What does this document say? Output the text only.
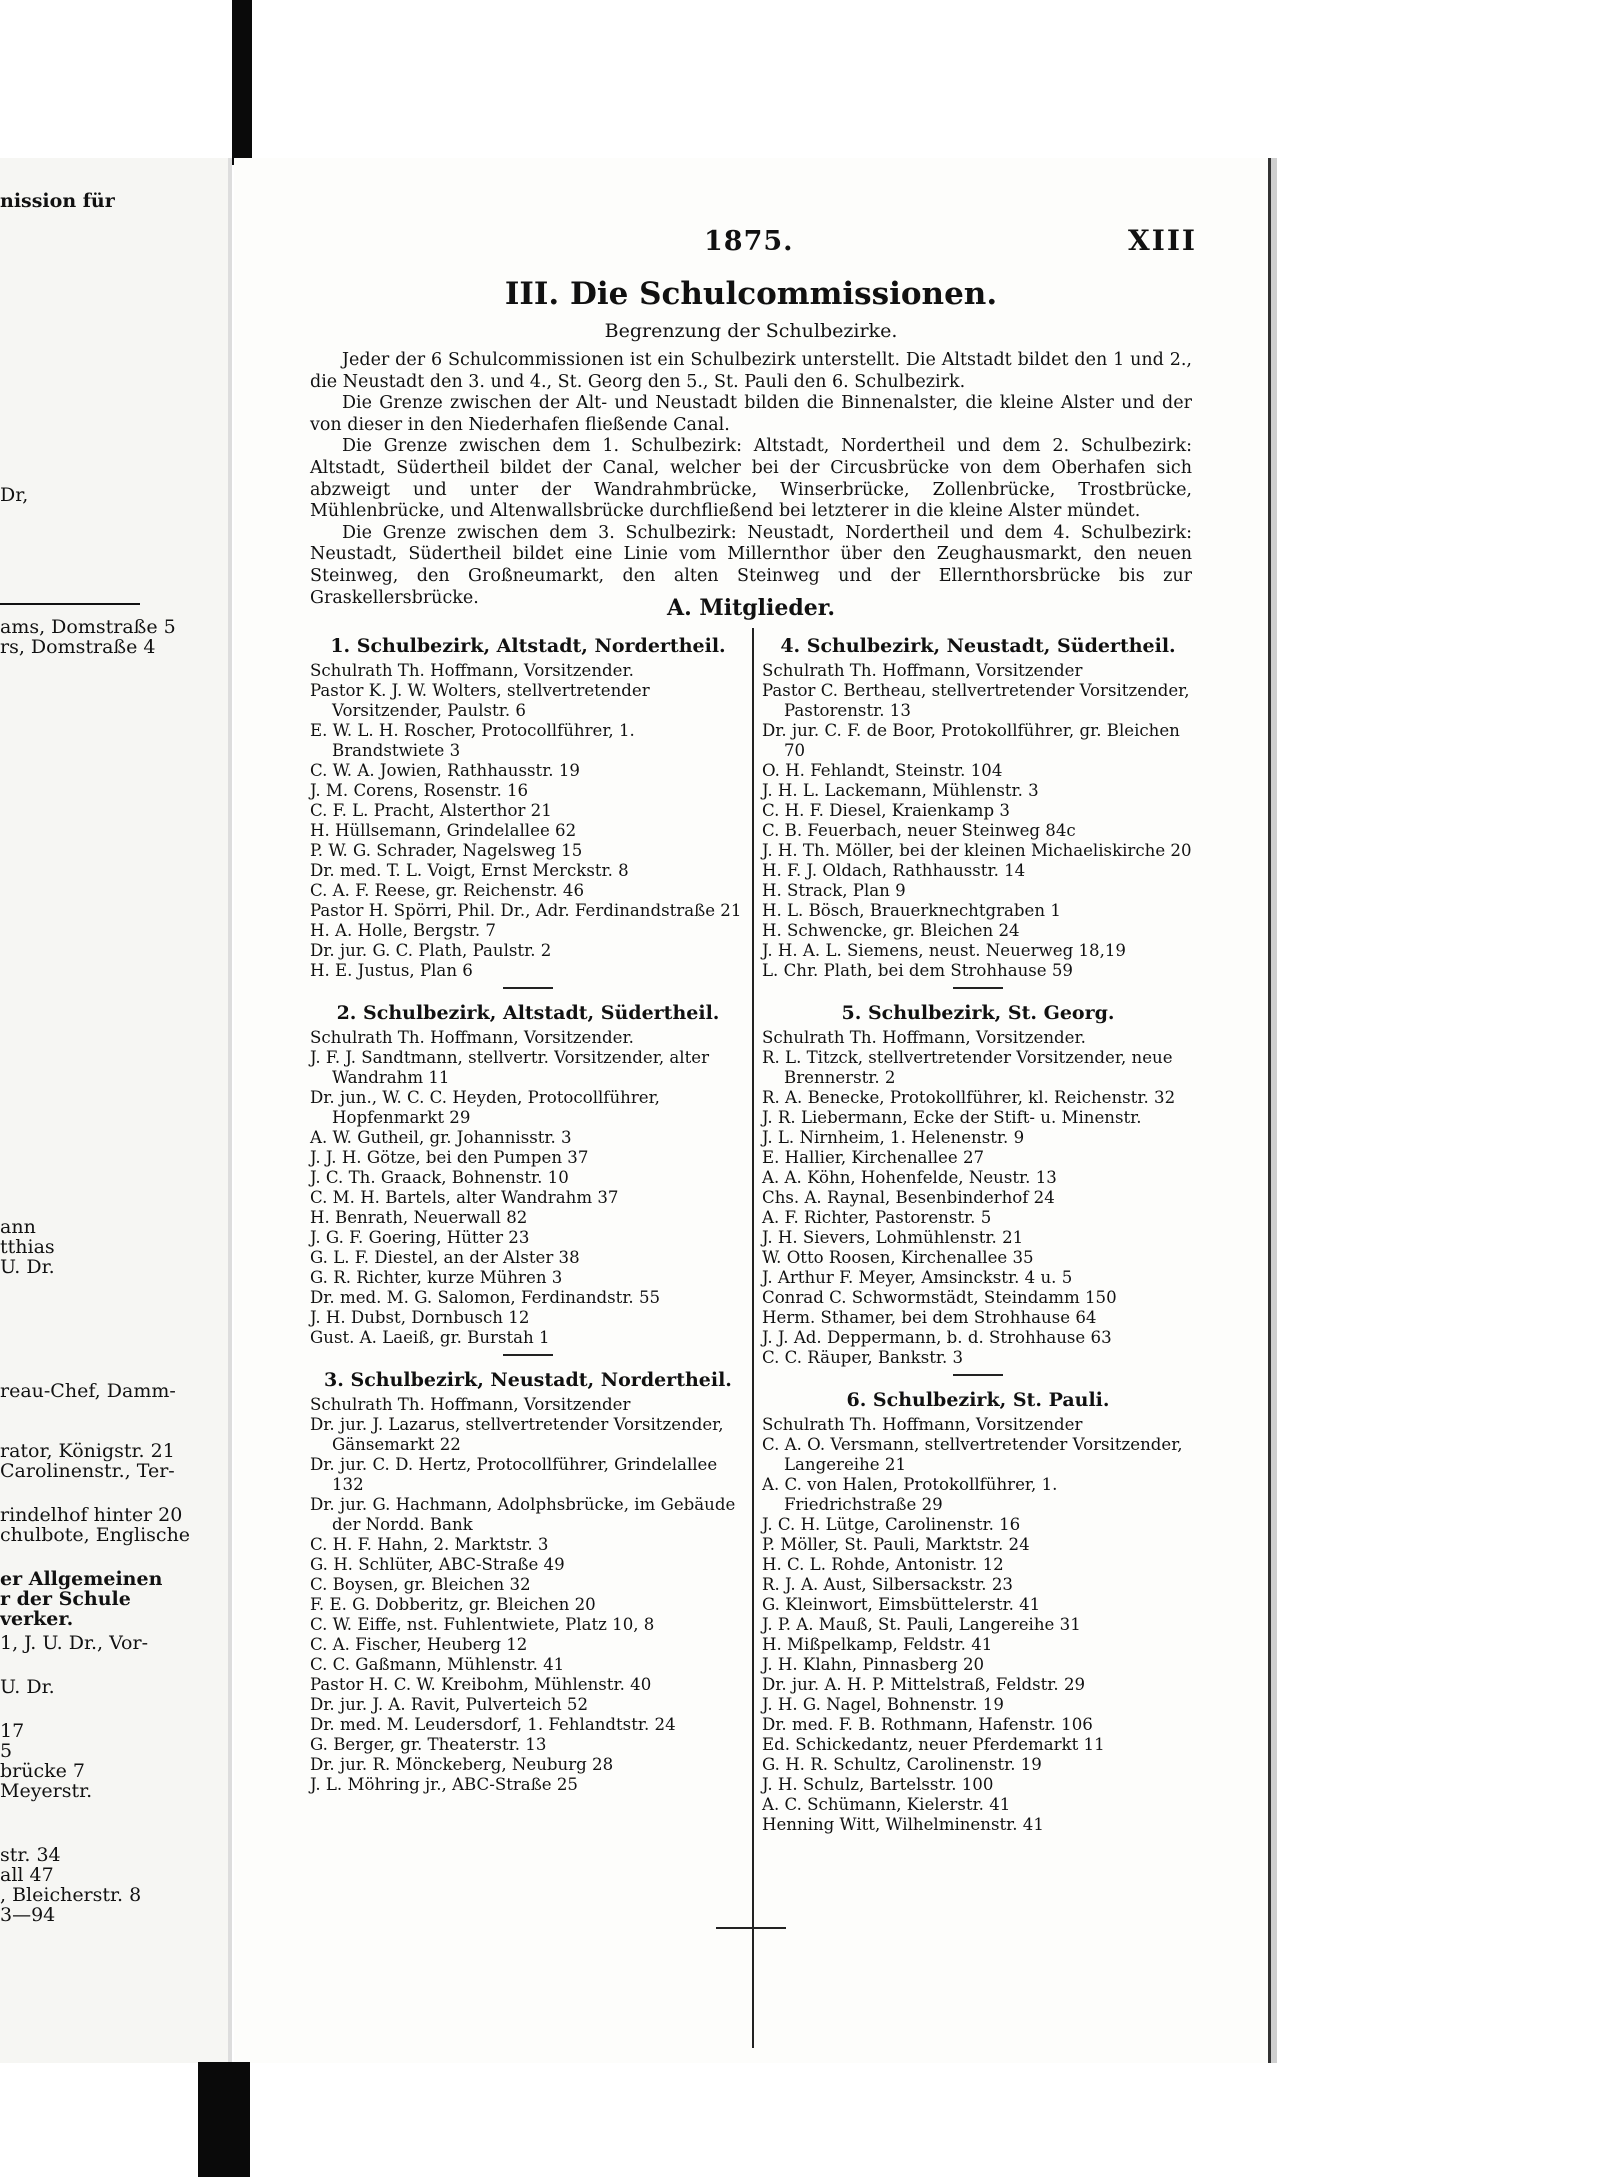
nission für
Dr,
ams, Domstraße 5
rs, Domstraße 4
ann
tthias
U. Dr.
reau-Chef, Damm-
rator, Königstr. 21
Carolinenstr., Ter-
rindelhof hinter 20
chulbote, Englische
er Allgemeinen
r der Schule
verker.
1, J. U. Dr., Vor-
U. Dr.
17
5
brücke 7
Meyerstr.
str. 34
all 47
, Bleicherstr. 8
3—94
1875.	XIII
III. Die Schulcommissionen.
Begrenzung der Schulbezirke.

Jeder der 6 Schulcommissionen ist ein Schulbezirk unterstellt. Die Altstadt bildet den 1 und 2., die Neustadt den 3. und 4., St. Georg den 5., St. Pauli den 6. Schulbezirk.

Die Grenze zwischen der Alt- und Neustadt bilden die Binnenalster, die kleine Alster und der von dieser in den Niederhafen fließende Canal.

Die Grenze zwischen dem 1. Schulbezirk: Altstadt, Nordertheil und dem 2. Schulbezirk: Altstadt, Südertheil bildet der Canal, welcher bei der Circusbrücke von dem Oberhafen sich abzweigt und unter der Wandrahmbrücke, Winserbrücke, Zollenbrücke, Trostbrücke, Mühlenbrücke, und Altenwallsbrücke durchfließend bei letzterer in die kleine Alster mündet.

Die Grenze zwischen dem 3. Schulbezirk: Neustadt, Nordertheil und dem 4. Schulbezirk: Neustadt, Südertheil bildet eine Linie vom Millernthor über den Zeughausmarkt, den neuen Steinweg, den Großneumarkt, den alten Steinweg und der Ellernthorsbrücke bis zur Graskellersbrücke.	A. Mitglieder.
1. Schulbezirk, Altstadt, Nordertheil.
Schulrath Th. Hoffmann, Vorsitzender.
Pastor K. J. W. Wolters, stellvertretender Vorsitzender, Paulstr. 6
E. W. L. H. Roscher, Protocollführer, 1. Brandstwiete 3
C. W. A. Jowien, Rathhausstr. 19
J. M. Corens, Rosenstr. 16
C. F. L. Pracht, Alsterthor 21
H. Hüllsemann, Grindelallee 62
P. W. G. Schrader, Nagelsweg 15
Dr. med. T. L. Voigt, Ernst Merckstr. 8
C. A. F. Reese, gr. Reichenstr. 46
Pastor H. Spörri, Phil. Dr., Adr. Ferdinandstraße 21
H. A. Holle, Bergstr. 7
Dr. jur. G. C. Plath, Paulstr. 2
H. E. Justus, Plan 6
2. Schulbezirk, Altstadt, Südertheil.
Schulrath Th. Hoffmann, Vorsitzender.
J. F. J. Sandtmann, stellvertr. Vorsitzender, alter Wandrahm 11
Dr. jun., W. C. C. Heyden, Protocollführer, Hopfenmarkt 29
A. W. Gutheil, gr. Johannisstr. 3
J. J. H. Götze, bei den Pumpen 37
J. C. Th. Graack, Bohnenstr. 10
C. M. H. Bartels, alter Wandrahm 37
H. Benrath, Neuerwall 82
J. G. F. Goering, Hütter 23
G. L. F. Diestel, an der Alster 38
G. R. Richter, kurze Mühren 3
Dr. med. M. G. Salomon, Ferdinandstr. 55
J. H. Dubst, Dornbusch 12
Gust. A. Laeiß, gr. Burstah 1
3. Schulbezirk, Neustadt, Nordertheil.
Schulrath Th. Hoffmann, Vorsitzender
Dr. jur. J. Lazarus, stellvertretender Vorsitzender, Gänsemarkt 22
Dr. jur. C. D. Hertz, Protocollführer, Grindelallee 132
Dr. jur. G. Hachmann, Adolphsbrücke, im Gebäude der Nordd. Bank
C. H. F. Hahn, 2. Marktstr. 3
G. H. Schlüter, ABC-Straße 49
C. Boysen, gr. Bleichen 32
F. E. G. Dobberitz, gr. Bleichen 20
C. W. Eiffe, nst. Fuhlentwiete, Platz 10, 8
C. A. Fischer, Heuberg 12
C. C. Gaßmann, Mühlenstr. 41
Pastor H. C. W. Kreibohm, Mühlenstr. 40
Dr. jur. J. A. Ravit, Pulverteich 52
Dr. med. M. Leudersdorf, 1. Fehlandtstr. 24
G. Berger, gr. Theaterstr. 13
Dr. jur. R. Mönckeberg, Neuburg 28
J. L. Möhring jr., ABC-Straße 25
4. Schulbezirk, Neustadt, Südertheil.
Schulrath Th. Hoffmann, Vorsitzender
Pastor C. Bertheau, stellvertretender Vorsitzender, Pastorenstr. 13
Dr. jur. C. F. de Boor, Protokollführer, gr. Bleichen 70
O. H. Fehlandt, Steinstr. 104
J. H. L. Lackemann, Mühlenstr. 3
C. H. F. Diesel, Kraienkamp 3
C. B. Feuerbach, neuer Steinweg 84c
J. H. Th. Möller, bei der kleinen Michaeliskirche 20
H. F. J. Oldach, Rathhausstr. 14
H. Strack, Plan 9
H. L. Bösch, Brauerknechtgraben 1
H. Schwencke, gr. Bleichen 24
J. H. A. L. Siemens, neust. Neuerweg 18,19
L. Chr. Plath, bei dem Strohhause 59
5. Schulbezirk, St. Georg.
Schulrath Th. Hoffmann, Vorsitzender.
R. L. Titzck, stellvertretender Vorsitzender, neue Brennerstr. 2
R. A. Benecke, Protokollführer, kl. Reichenstr. 32
J. R. Liebermann, Ecke der Stift- u. Minenstr.
J. L. Nirnheim, 1. Helenenstr. 9
E. Hallier, Kirchenallee 27
A. A. Köhn, Hohenfelde, Neustr. 13
Chs. A. Raynal, Besenbinderhof 24
A. F. Richter, Pastorenstr. 5
J. H. Sievers, Lohmühlenstr. 21
W. Otto Roosen, Kirchenallee 35
J. Arthur F. Meyer, Amsinckstr. 4 u. 5
Conrad C. Schwormstädt, Steindamm 150
Herm. Sthamer, bei dem Strohhause 64
J. J. Ad. Deppermann, b. d. Strohhause 63
C. C. Räuper, Bankstr. 3
6. Schulbezirk, St. Pauli.
Schulrath Th. Hoffmann, Vorsitzender
C. A. O. Versmann, stellvertretender Vorsitzender, Langereihe 21
A. C. von Halen, Protokollführer, 1. Friedrichstraße 29
J. C. H. Lütge, Carolinenstr. 16
P. Möller, St. Pauli, Marktstr. 24
H. C. L. Rohde, Antonistr. 12
R. J. A. Aust, Silbersackstr. 23
G. Kleinwort, Eimsbüttelerstr. 41
J. P. A. Mauß, St. Pauli, Langereihe 31
H. Mißpelkamp, Feldstr. 41
J. H. Klahn, Pinnasberg 20
Dr. jur. A. H. P. Mittelstraß, Feldstr. 29
J. H. G. Nagel, Bohnenstr. 19
Dr. med. F. B. Rothmann, Hafenstr. 106
Ed. Schickedantz, neuer Pferdemarkt 11
G. H. R. Schultz, Carolinenstr. 19
J. H. Schulz, Bartelsstr. 100
A. C. Schümann, Kielerstr. 41
Henning Witt, Wilhelminenstr. 41
